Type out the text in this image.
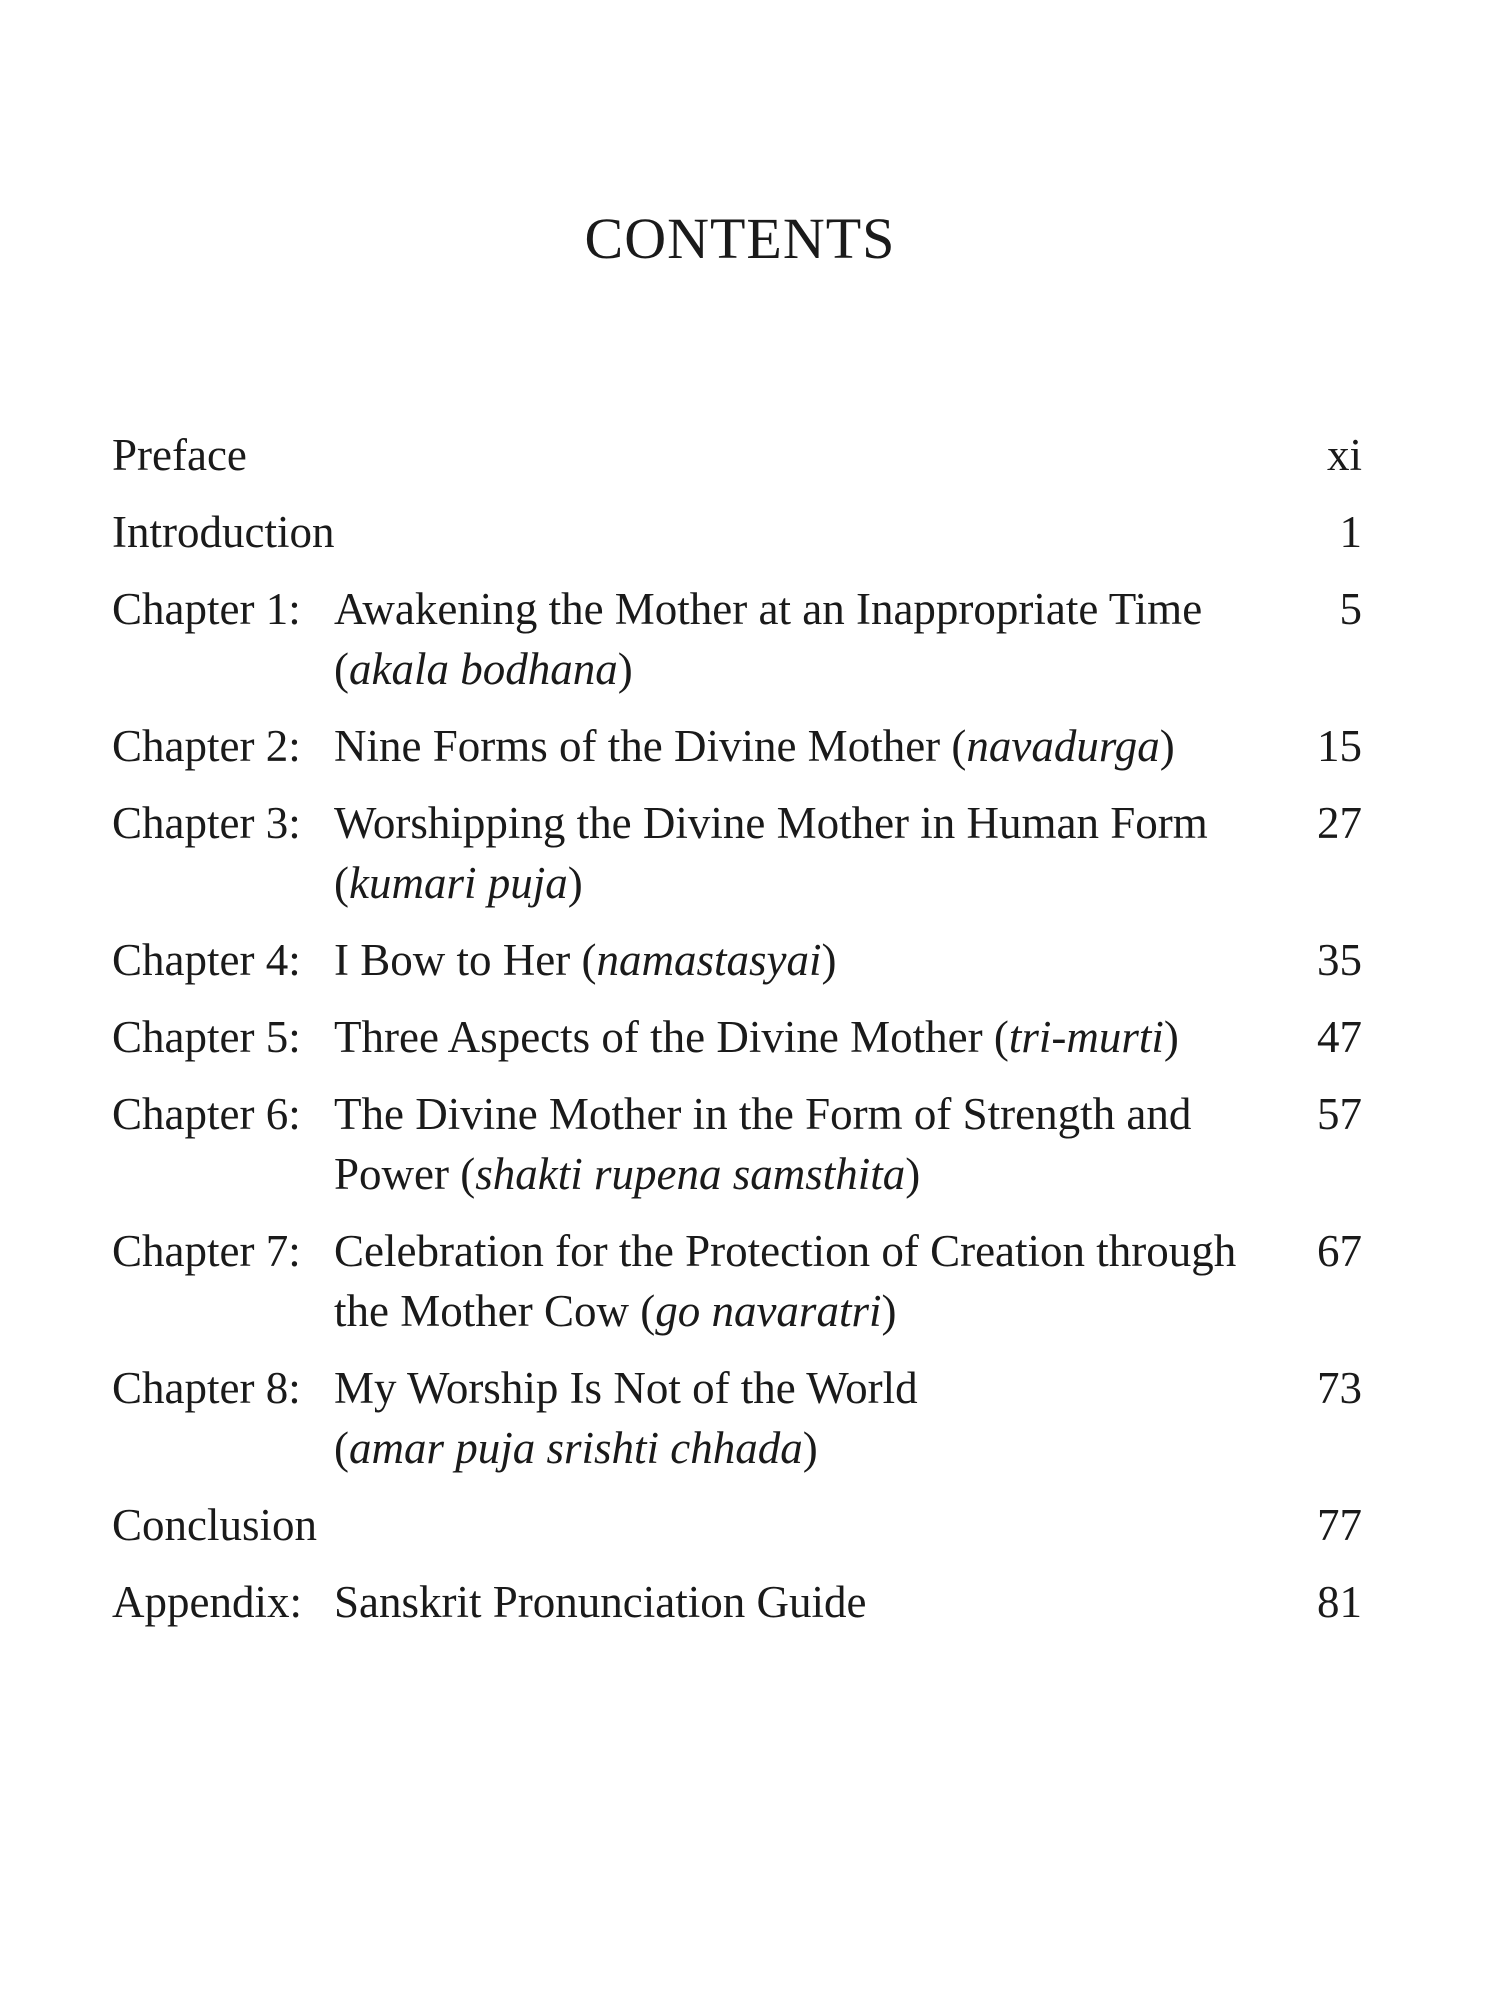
CONTENTS
Preface	xi
Introduction	1
Chapter 1: Awakening the Mother at an Inappropriate Time
(akala bodhana)
5
Chapter 2: Nine Forms of the Divine Mother (navadurga)	15
Chapter 3: Worshipping the Divine Mother in Human Form
(kumari puja)
27
Chapter 4: I Bow to Her (namastasyai)	35
Chapter 5: Three Aspects of the Divine Mother (tri-murti)	47
Chapter 6: The Divine Mother in the Form of Strength and
Power (shakti rupena samsthita)
57
Chapter 7: Celebration for the Protection of Creation through
the Mother Cow (go navaratri)
67
Chapter 8: My Worship Is Not of the World
(amar puja srishti chhada)
73
Conclusion	77
Appendix: Sanskrit Pronunciation Guide	81
